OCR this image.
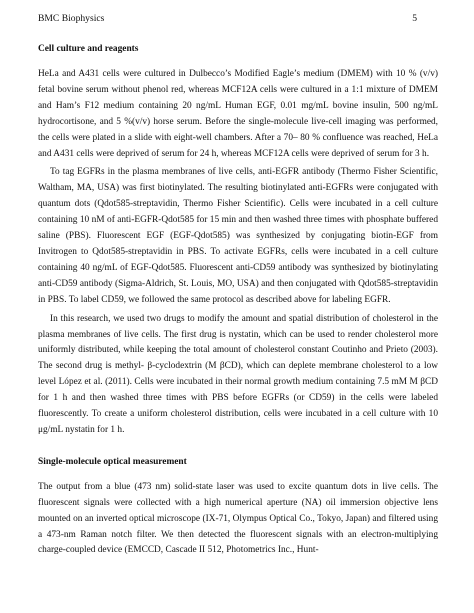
BMC Biophysics	5
Cell culture and reagents

HeLa and A431 cells were cultured in Dulbecco’s Modified Eagle’s medium (DMEM) with 10 % (v/v) fetal bovine serum without phenol red, whereas MCF12A cells were cultured in a 1:1 mixture of DMEM and Ham’s F12 medium containing 20 ng/mL Human EGF, 0.01 mg/mL bovine insulin, 500 ng/mL hydrocortisone, and 5 %(v/v) horse serum. Before the single-molecule live-cell imaging was performed, the cells were plated in a slide with eight-well chambers. After a 70– 80 % confluence was reached, HeLa and A431 cells were deprived of serum for 24 h, whereas MCF12A cells were deprived of serum for 3 h.

To tag EGFRs in the plasma membranes of live cells, anti-EGFR antibody (Thermo Fisher Scientific, Waltham, MA, USA) was first biotinylated. The resulting biotinylated anti-EGFRs were conjugated with quantum dots (Qdot585-streptavidin, Thermo Fisher Scientific). Cells were incubated in a cell culture containing 10 nM of anti-EGFR-Qdot585 for 15 min and then washed three times with phosphate buffered saline (PBS). Fluorescent EGF (EGF-Qdot585) was synthesized by conjugating biotin-EGF from Invitrogen to Qdot585-streptavidin in PBS. To activate EGFRs, cells were incubated in a cell culture containing 40 ng/mL of EGF-Qdot585. Fluorescent anti-CD59 antibody was synthesized by biotinylating anti-CD59 antibody (Sigma-Aldrich, St. Louis, MO, USA) and then conjugated with Qdot585-streptavidin in PBS. To label CD59, we followed the same protocol as described above for labeling EGFR.

In this research, we used two drugs to modify the amount and spatial distribution of cholesterol in the plasma membranes of live cells. The first drug is nystatin, which can be used to render cholesterol more uniformly distributed, while keeping the total amount of cholesterol constant Coutinho and Prieto (2003). The second drug is methyl- β-cyclodextrin (M βCD), which can deplete membrane cholesterol to a low level López et al. (2011). Cells were incubated in their normal growth medium containing 7.5 mM M βCD for 1 h and then washed three times with PBS before EGFRs (or CD59) in the cells were labeled fluorescently. To create a uniform cholesterol distribution, cells were incubated in a cell culture with 10 μg/mL nystatin for 1 h.

Single-molecule optical measurement

The output from a blue (473 nm) solid-state laser was used to excite quantum dots in live cells. The fluorescent signals were collected with a high numerical aperture (NA) oil immersion objective lens mounted on an inverted optical microscope (IX-71, Olympus Optical Co., Tokyo, Japan) and filtered using a 473-nm Raman notch filter. We then detected the fluorescent signals with an electron-multiplying charge-coupled device (EMCCD, Cascade II 512, Photometrics Inc., Hunt-
